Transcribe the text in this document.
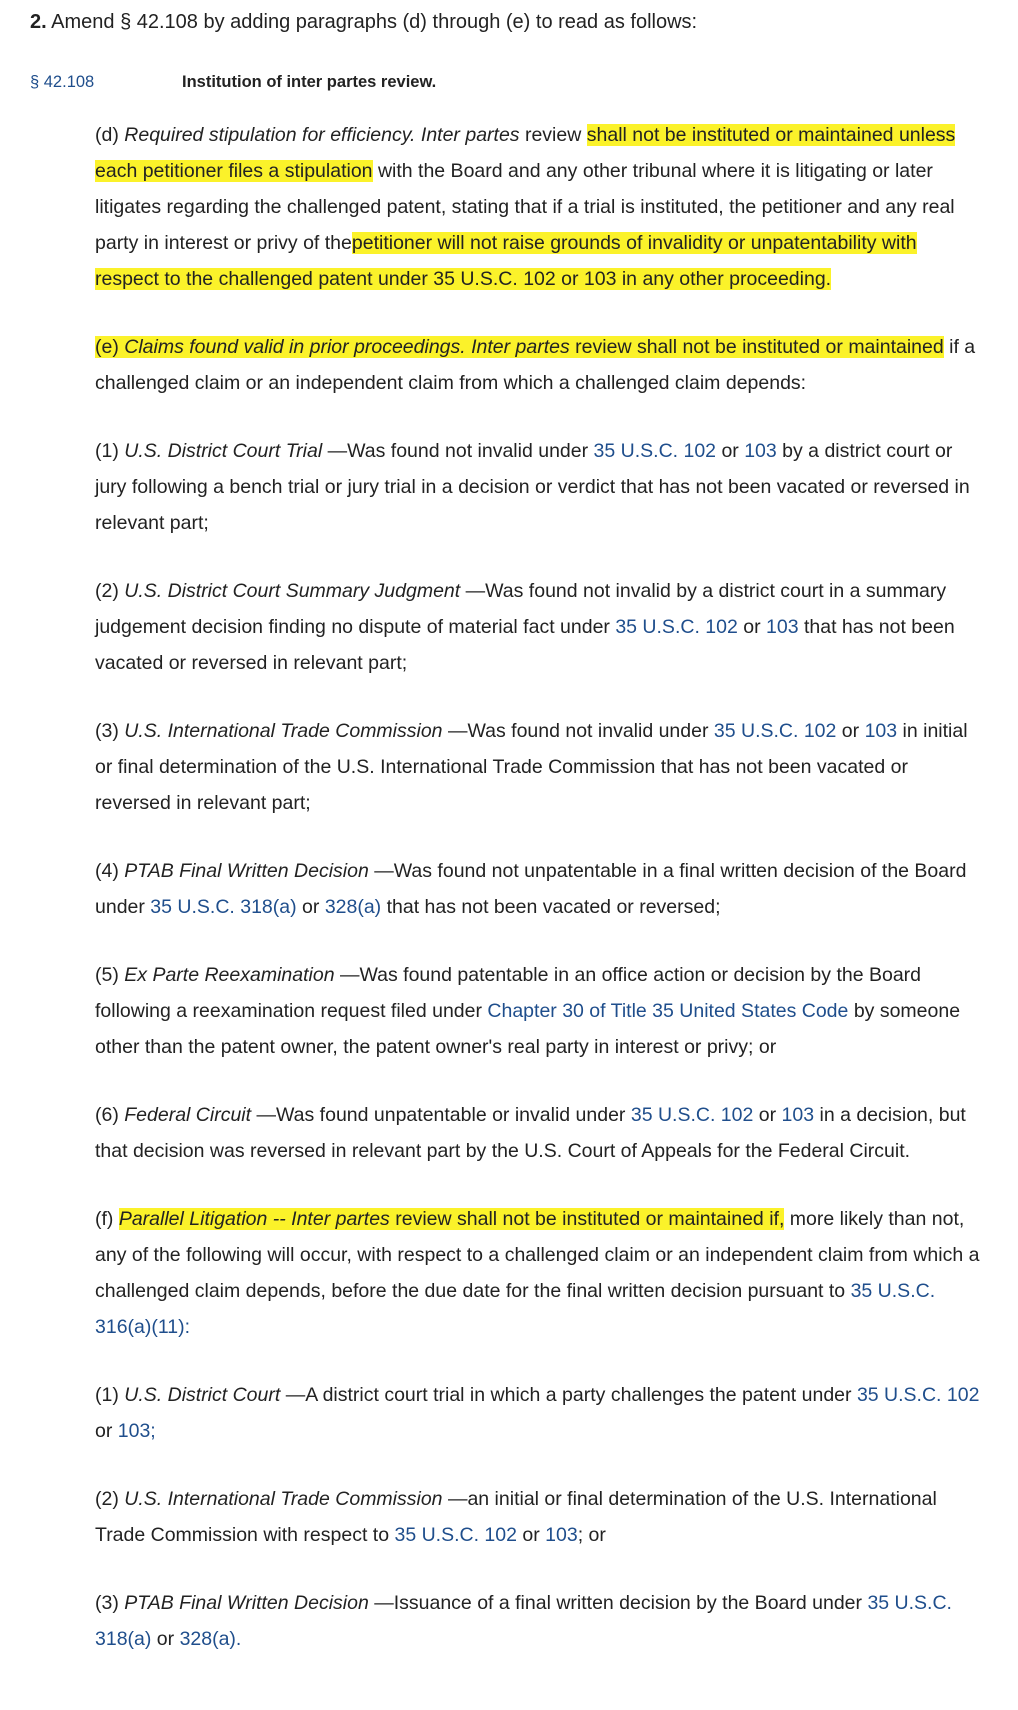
2. Amend § 42.108 by adding paragraphs (d) through (e) to read as follows:
§ 42.108	Institution of inter partes review.

(d) Required stipulation for efficiency. Inter partes review shall not be instituted or maintained unless each petitioner files a stipulation with the Board and any other tribunal where it is litigating or later litigates regarding the challenged patent, stating that if a trial is instituted, the petitioner and any real party in interest or privy of thepetitioner will not raise grounds of invalidity or unpatentability with respect to the challenged patent under 35 U.S.C. 102 or 103 in any other proceeding.

(e) Claims found valid in prior proceedings. Inter partes review shall not be instituted or maintained if a challenged claim or an independent claim from which a challenged claim depends:

(1) U.S. District Court Trial —Was found not invalid under 35 U.S.C. 102 or 103 by a district court or jury following a bench trial or jury trial in a decision or verdict that has not been vacated or reversed in relevant part;

(2) U.S. District Court Summary Judgment —Was found not invalid by a district court in a summary judgement decision finding no dispute of material fact under 35 U.S.C. 102 or 103 that has not been vacated or reversed in relevant part;

(3) U.S. International Trade Commission —Was found not invalid under 35 U.S.C. 102 or 103 in initial or final determination of the U.S. International Trade Commission that has not been vacated or reversed in relevant part;

(4) PTAB Final Written Decision —Was found not unpatentable in a final written decision of the Board under 35 U.S.C. 318(a) or 328(a) that has not been vacated or reversed;

(5) Ex Parte Reexamination —Was found patentable in an office action or decision by the Board following a reexamination request filed under Chapter 30 of Title 35 United States Code by someone other than the patent owner, the patent owner's real party in interest or privy; or

(6) Federal Circuit —Was found unpatentable or invalid under 35 U.S.C. 102 or 103 in a decision, but that decision was reversed in relevant part by the U.S. Court of Appeals for the Federal Circuit.

(f) Parallel Litigation -- Inter partes review shall not be instituted or maintained if, more likely than not, any of the following will occur, with respect to a challenged claim or an independent claim from which a challenged claim depends, before the due date for the final written decision pursuant to 35 U.S.C. 316(a)(11):

(1) U.S. District Court —A district court trial in which a party challenges the patent under 35 U.S.C. 102 or 103;

(2) U.S. International Trade Commission —an initial or final determination of the U.S. International Trade Commission with respect to 35 U.S.C. 102 or 103; or

(3) PTAB Final Written Decision —Issuance of a final written decision by the Board under 35 U.S.C. 318(a) or 328(a).
